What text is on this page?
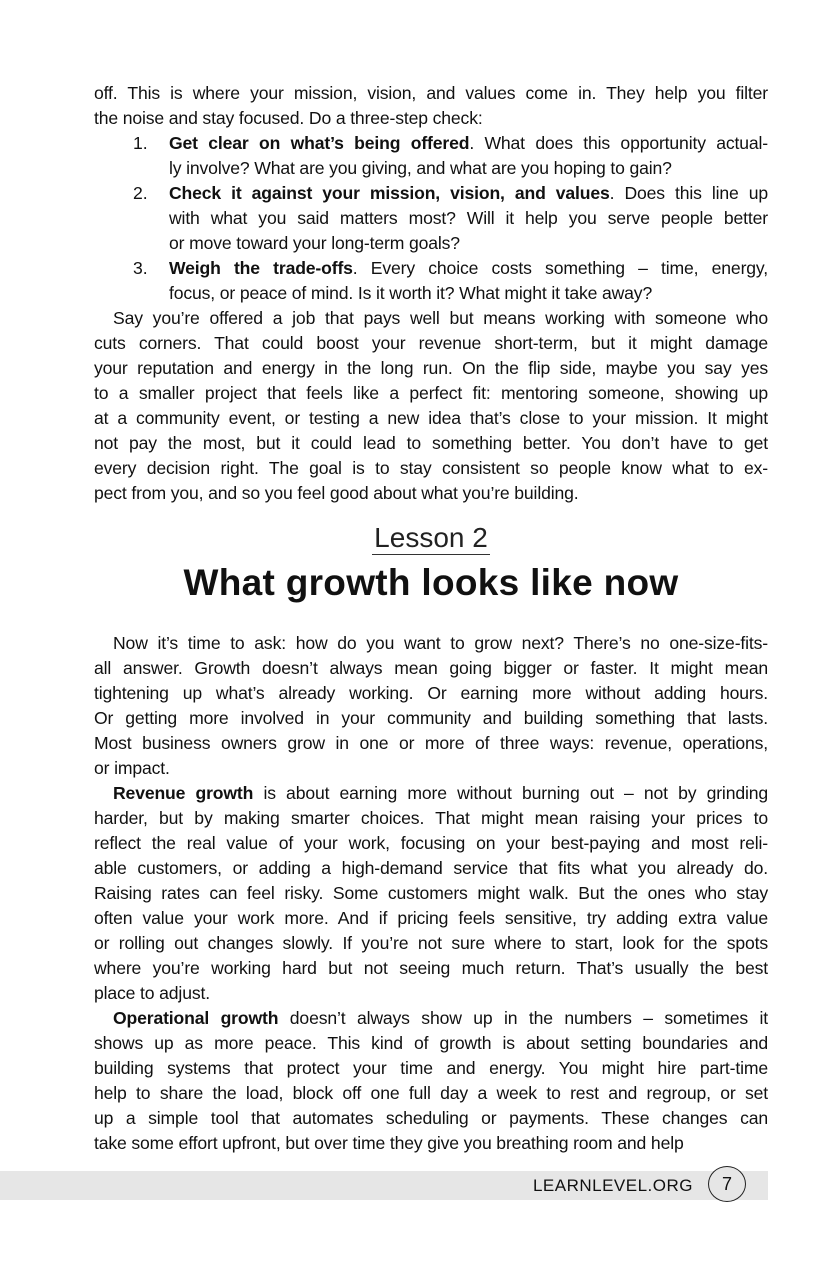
off. This is where your mission, vision, and values come in. They help you filter
the noise and stay focused. Do a three-step check:
1. Get clear on what’s being offered. What does this opportunity actual-
ly involve? What are you giving, and what are you hoping to gain?
2. Check it against your mission, vision, and values. Does this line up
with what you said matters most? Will it help you serve people better
or move toward your long-term goals?
3. Weigh the trade-offs. Every choice costs something – time, energy,
focus, or peace of mind. Is it worth it? What might it take away?
Say you’re offered a job that pays well but means working with someone who
cuts corners. That could boost your revenue short-term, but it might damage
your reputation and energy in the long run. On the flip side, maybe you say yes
to a smaller project that feels like a perfect fit: mentoring someone, showing up
at a community event, or testing a new idea that’s close to your mission. It might
not pay the most, but it could lead to something better. You don’t have to get
every decision right. The goal is to stay consistent so people know what to ex-
pect from you, and so you feel good about what you’re building.
Lesson 2
What growth looks like now
Now it’s time to ask: how do you want to grow next? There’s no one-size-fits-
all answer. Growth doesn’t always mean going bigger or faster. It might mean
tightening up what’s already working. Or earning more without adding hours.
Or getting more involved in your community and building something that lasts.
Most business owners grow in one or more of three ways: revenue, operations,
or impact.
Revenue growth is about earning more without burning out – not by grinding
harder, but by making smarter choices. That might mean raising your prices to
reflect the real value of your work, focusing on your best-paying and most reli-
able customers, or adding a high-demand service that fits what you already do.
Raising rates can feel risky. Some customers might walk. But the ones who stay
often value your work more. And if pricing feels sensitive, try adding extra value
or rolling out changes slowly. If you’re not sure where to start, look for the spots
where you’re working hard but not seeing much return. That’s usually the best
place to adjust.
Operational growth doesn’t always show up in the numbers – sometimes it
shows up as more peace. This kind of growth is about setting boundaries and
building systems that protect your time and energy. You might hire part-time
help to share the load, block off one full day a week to rest and regroup, or set
up a simple tool that automates scheduling or payments. These changes can
take some effort upfront, but over time they give you breathing room and help
LEARNLEVEL.ORG	7
